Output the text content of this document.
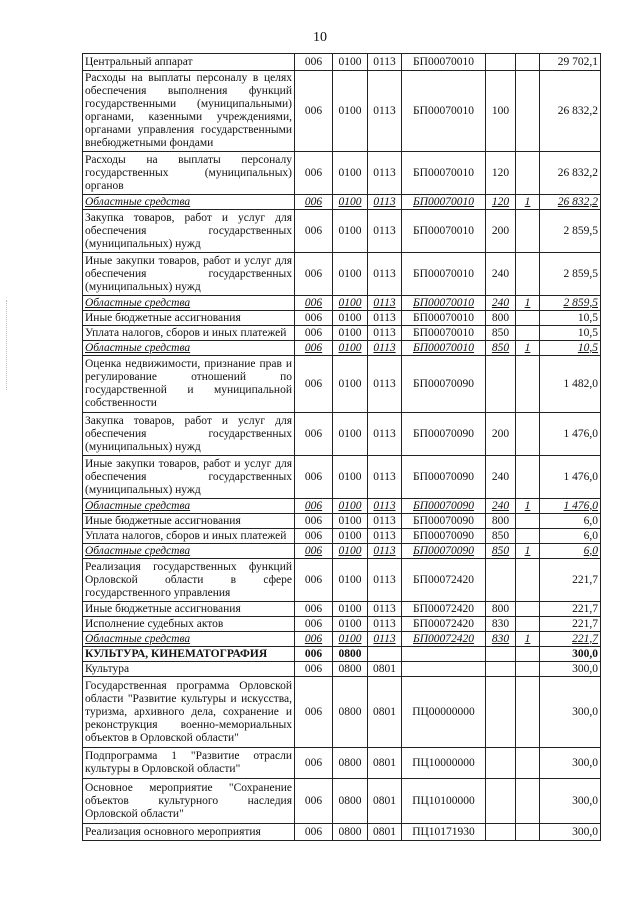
10
Центральный аппарат	006	0100	0113	БП00070010			29 702,1
Расходы на выплаты персоналу в целях обеспечения выполнения функций государственными (муниципальными) органами, казенными учреждениями, органами управления государственными внебюджетными фондами	006	0100	0113	БП00070010	100		26 832,2
Расходы на выплаты персоналу государственных (муниципальных) органов	006	0100	0113	БП00070010	120		26 832,2
Областные средства	006	0100	0113	БП00070010	120	1	26 832,2
Закупка товаров, работ и услуг для обеспечения государственных (муниципальных) нужд	006	0100	0113	БП00070010	200		2 859,5
Иные закупки товаров, работ и услуг для обеспечения государственных (муниципальных) нужд	006	0100	0113	БП00070010	240		2 859,5
Областные средства	006	0100	0113	БП00070010	240	1	2 859,5
Иные бюджетные ассигнования	006	0100	0113	БП00070010	800		10,5
Уплата налогов, сборов и иных платежей	006	0100	0113	БП00070010	850		10,5
Областные средства	006	0100	0113	БП00070010	850	1	10,5
Оценка недвижимости, признание прав и регулирование отношений по государственной и муниципальной собственности	006	0100	0113	БП00070090			1 482,0
Закупка товаров, работ и услуг для обеспечения государственных (муниципальных) нужд	006	0100	0113	БП00070090	200		1 476,0
Иные закупки товаров, работ и услуг для обеспечения государственных (муниципальных) нужд	006	0100	0113	БП00070090	240		1 476,0
Областные средства	006	0100	0113	БП00070090	240	1	1 476,0
Иные бюджетные ассигнования	006	0100	0113	БП00070090	800		6,0
Уплата налогов, сборов и иных платежей	006	0100	0113	БП00070090	850		6,0
Областные средства	006	0100	0113	БП00070090	850	1	6,0
Реализация государственных функций Орловской области в сфере государственного управления	006	0100	0113	БП00072420			221,7
Иные бюджетные ассигнования	006	0100	0113	БП00072420	800		221,7
Исполнение судебных актов	006	0100	0113	БП00072420	830		221,7
Областные средства	006	0100	0113	БП00072420	830	1	221,7
КУЛЬТУРА, КИНЕМАТОГРАФИЯ	006	0800					300,0
Культура	006	0800	0801				300,0
Государственная программа Орловской области "Развитие культуры и искусства, туризма, архивного дела, сохранение и реконструкция военно-мемориальных объектов в Орловской области"	006	0800	0801	ПЦ00000000			300,0
Подпрограмма 1 "Развитие отрасли культуры в Орловской области"	006	0800	0801	ПЦ10000000			300,0
Основное мероприятие "Сохранение объектов культурного наследия Орловской области"	006	0800	0801	ПЦ10100000			300,0
Реализация основного мероприятия	006	0800	0801	ПЦ10171930			300,0
